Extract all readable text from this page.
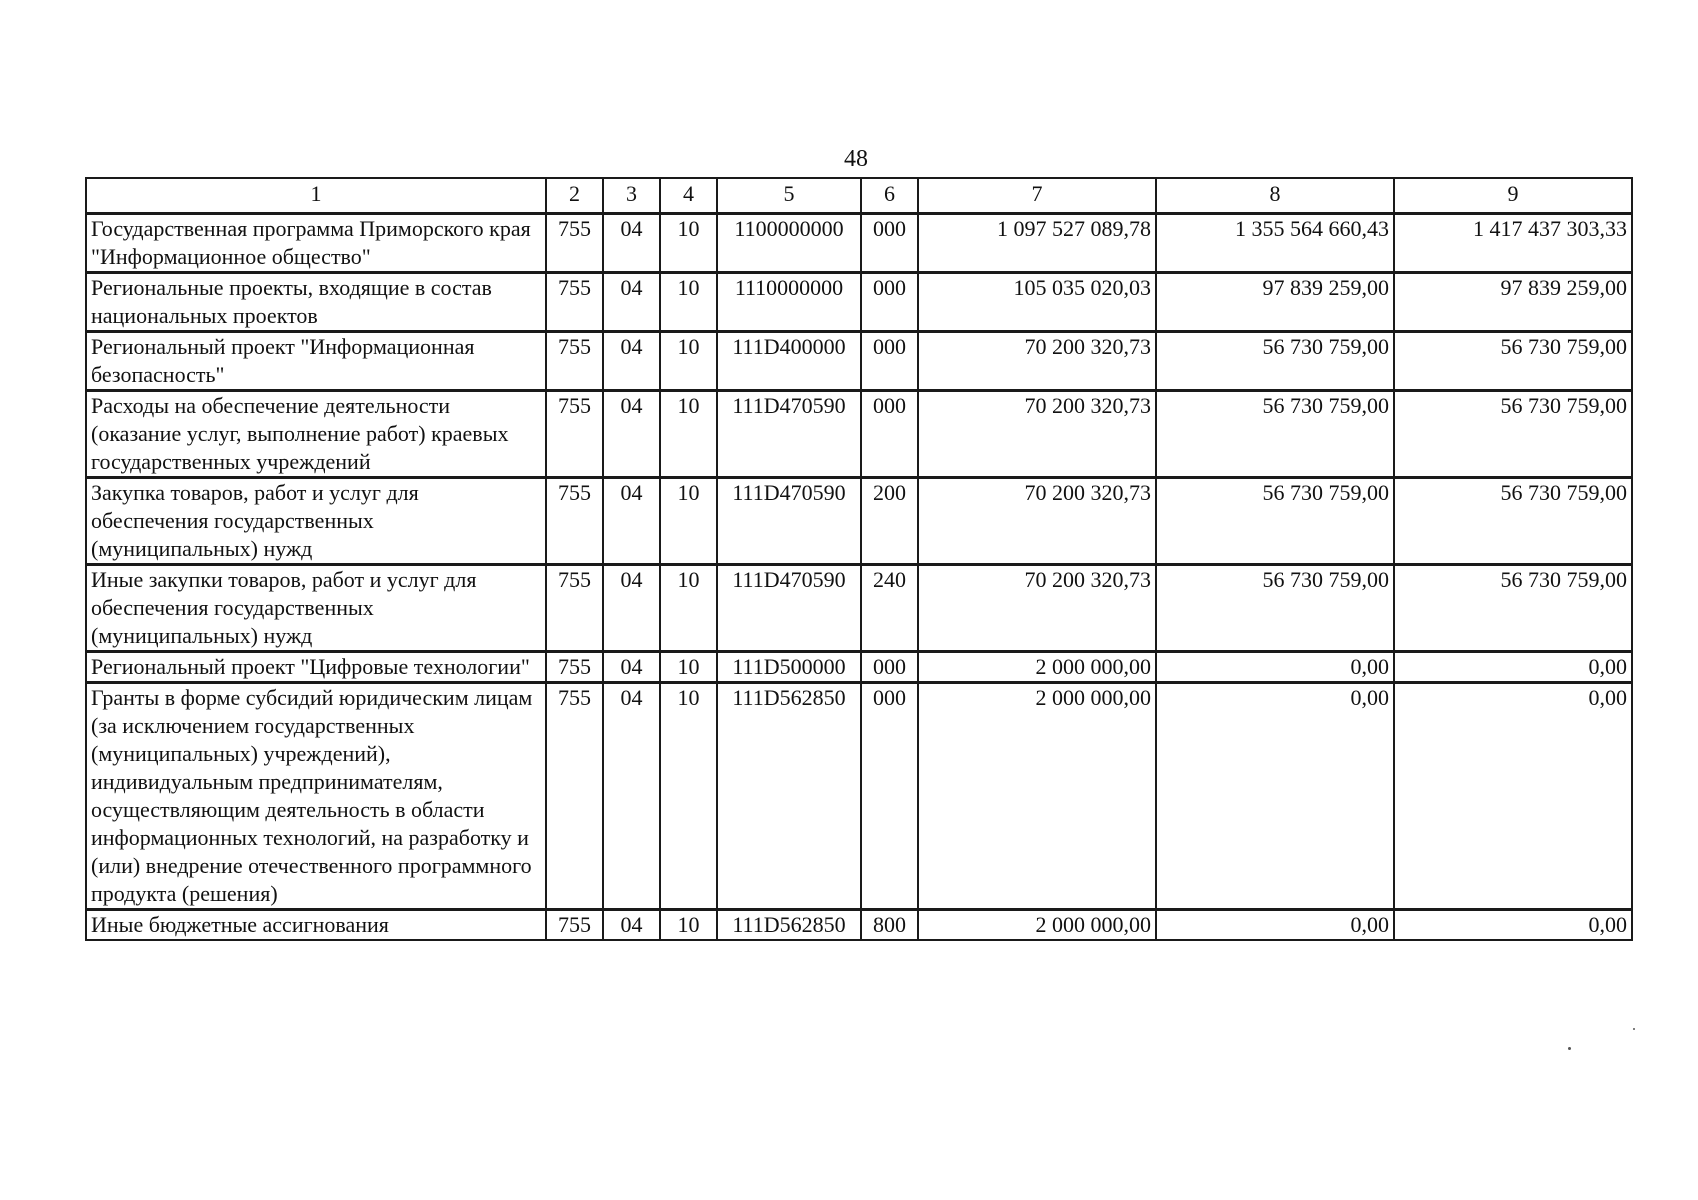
48
1	2	3	4	5	6	7	8	9
Государственная программа Приморского края "Информационное общество"	755	04	10	1100000000	000	1 097 527 089,78	1 355 564 660,43	1 417 437 303,33
Региональные проекты, входящие в состав национальных проектов	755	04	10	1110000000	000	105 035 020,03	97 839 259,00	97 839 259,00
Региональный проект "Информационная безопасность"	755	04	10	111D400000	000	70 200 320,73	56 730 759,00	56 730 759,00
Расходы на обеспечение деятельности (оказание услуг, выполнение работ) краевых государственных учреждений	755	04	10	111D470590	000	70 200 320,73	56 730 759,00	56 730 759,00
Закупка товаров, работ и услуг для обеспечения государственных (муниципальных) нужд	755	04	10	111D470590	200	70 200 320,73	56 730 759,00	56 730 759,00
Иные закупки товаров, работ и услуг для обеспечения государственных (муниципальных) нужд	755	04	10	111D470590	240	70 200 320,73	56 730 759,00	56 730 759,00
Региональный проект "Цифровые технологии"	755	04	10	111D500000	000	2 000 000,00	0,00	0,00
Гранты в форме субсидий юридическим лицам (за исключением государственных (муниципальных) учреждений), индивидуальным предпринимателям, осуществляющим деятельность в области информационных технологий, на разработку и (или) внедрение отечественного программного продукта (решения)	755	04	10	111D562850	000	2 000 000,00	0,00	0,00
Иные бюджетные ассигнования	755	04	10	111D562850	800	2 000 000,00	0,00	0,00
